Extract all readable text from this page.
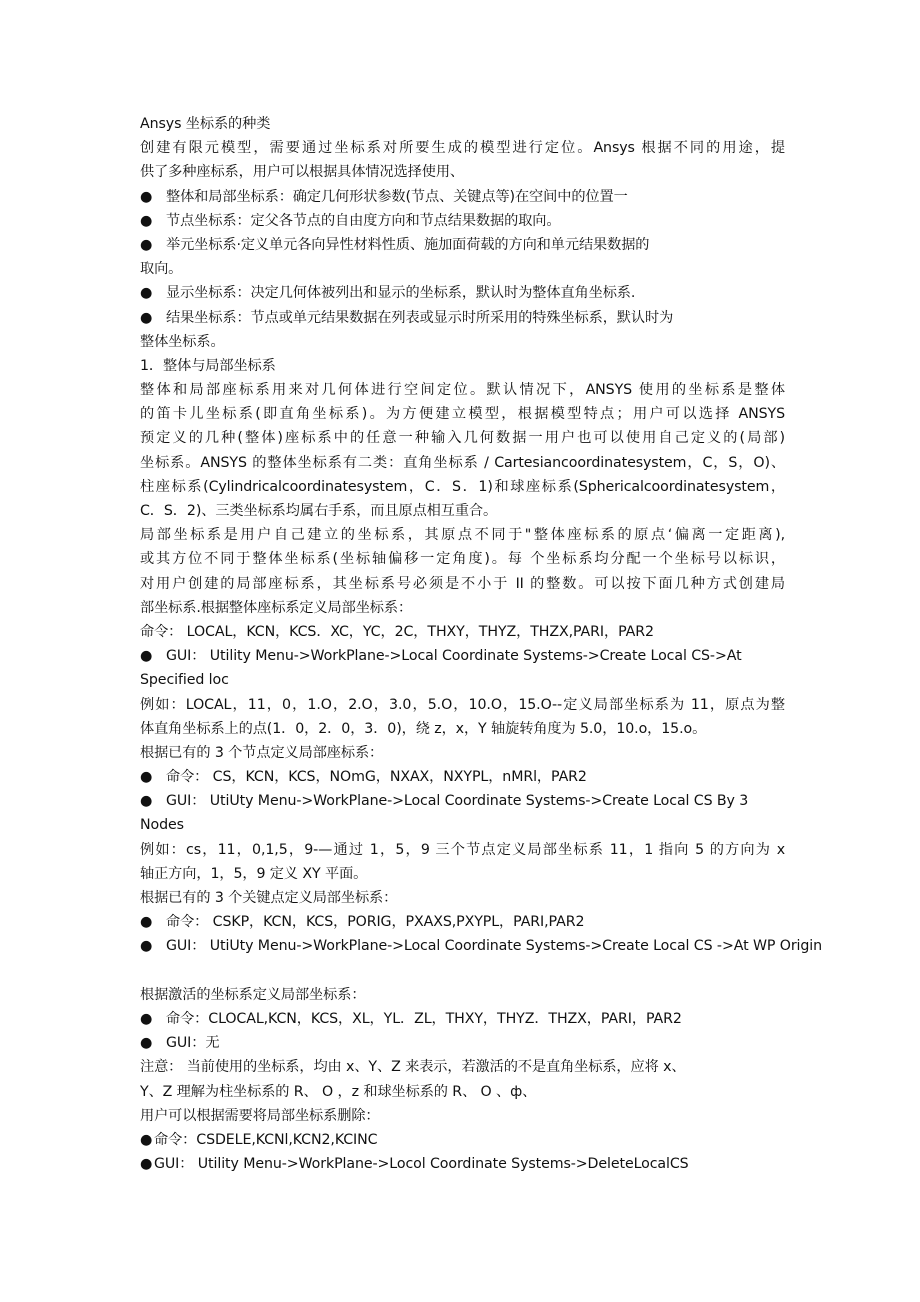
Ansys 坐标系的种类
创建有限元模型，需要通过坐标系对所要生成的模型进行定位。Ansys 根据不同的用途，提
供了多种座标系，用户可以根据具体情况选择使用、
● 整体和局部坐标系：确定几何形状参数(节点、关键点等)在空间中的位置一
● 节点坐标系：定父各节点的自由度方向和节点结果数据的取向。
● 举元坐标系·定义单元各向异性材料性质、施加面荷载的方向和单元结果数据的
取向。
● 显示坐标系：决定几何体被列出和显示的坐标系，默认时为整体直角坐标系.
● 结果坐标系：节点或单元结果数据在列表或显示时所采用的特殊坐标系，默认时为
整体坐标系。
1．整体与局部坐标系
整体和局部座标系用来对几何体进行空间定位。默认情况下，ANSYS 使用的坐标系是整体
的笛卡儿坐标系(即直角坐标系)。为方便建立模型，根据模型特点；用户可以选择 ANSYS
预定义的几种(整体)座标系中的任意一种输入几何数据一用户也可以使用自己定义的(局部)
坐标系。ANSYS 的整体坐标系有二类：直角坐标系 / Cartesiancoordinatesystem，C，S，O)、
柱座标系(Cylindricalcoordinatesystem，C．S．1)和球座标系(Sphericalcoordinatesystem，
C．S．2)、三类坐标系均属右手系，而且原点相互重合。
局部坐标系是用户自己建立的坐标系，其原点不同于"整体座标系的原点‘偏离一定距离),
或其方位不同于整体坐标系(坐标轴偏移一定角度)。每 个坐标系均分配一个坐标号以标识，
对用户创建的局部座标系，其坐标系号必须是不小于 II 的整数。可以按下面几种方式创建局
部坐标系.根据整体座标系定义局部坐标系：
命令： LOCAL，KCN，KCS．XC，YC，2C，THXY，THYZ，THZX,PARI，PAR2
● GUI： Utility Menu->WorkPlane->Local Coordinate Systems->Create Local CS->At
Specified loc
例如：LOCAL，11，0，1.O，2.O，3.0，5.O，10.O，15.O--定义局部坐标系为 11，原点为整
体直角坐标系上的点(1．0，2．0，3．0)，绕 z，x，Y 轴旋转角度为 5.0，10.o，15.o。
根据已有的 3 个节点定义局部座标系：
● 命令： CS，KCN，KCS，NOmG，NXAX，NXYPL，nMRl，PAR2
● GUI： UtiUty Menu->WorkPlane->Local Coordinate Systems->Create Local CS By 3
Nodes
例如：cs，11，0,1,5，9-—通过 1，5，9 三个节点定义局部坐标系 11，1 指向 5 的方向为 x
轴正方向，1，5，9 定义 XY 平面。
根据已有的 3 个关键点定义局部坐标系：
● 命令： CSKP，KCN，KCS，PORIG，PXAXS,PXYPL，PARI,PAR2
● GUI： UtiUty Menu->WorkPlane->Local Coordinate Systems->Create Local CS ->At WP Origin
根据激活的坐标系定义局部坐标系：
● 命令：CLOCAL,KCN，KCS，XL，YL．ZL，THXY，THYZ．THZX，PARI，PAR2
● GUI：无
注意： 当前使用的坐标系，均由 x、Y、Z 来表示，若激活的不是直角坐标系，应将 x、
Y、Z 理解为柱坐标系的 R、 Ο ，z 和球坐标系的 R、 Ο 、ф、
用户可以根据需要将局部坐标系删除：
● 命令：CSDELE,KCNl,KCN2,KCINC
● GUI： Utility Menu->WorkPlane->Locol Coordinate Systems->DeleteLocalCS
